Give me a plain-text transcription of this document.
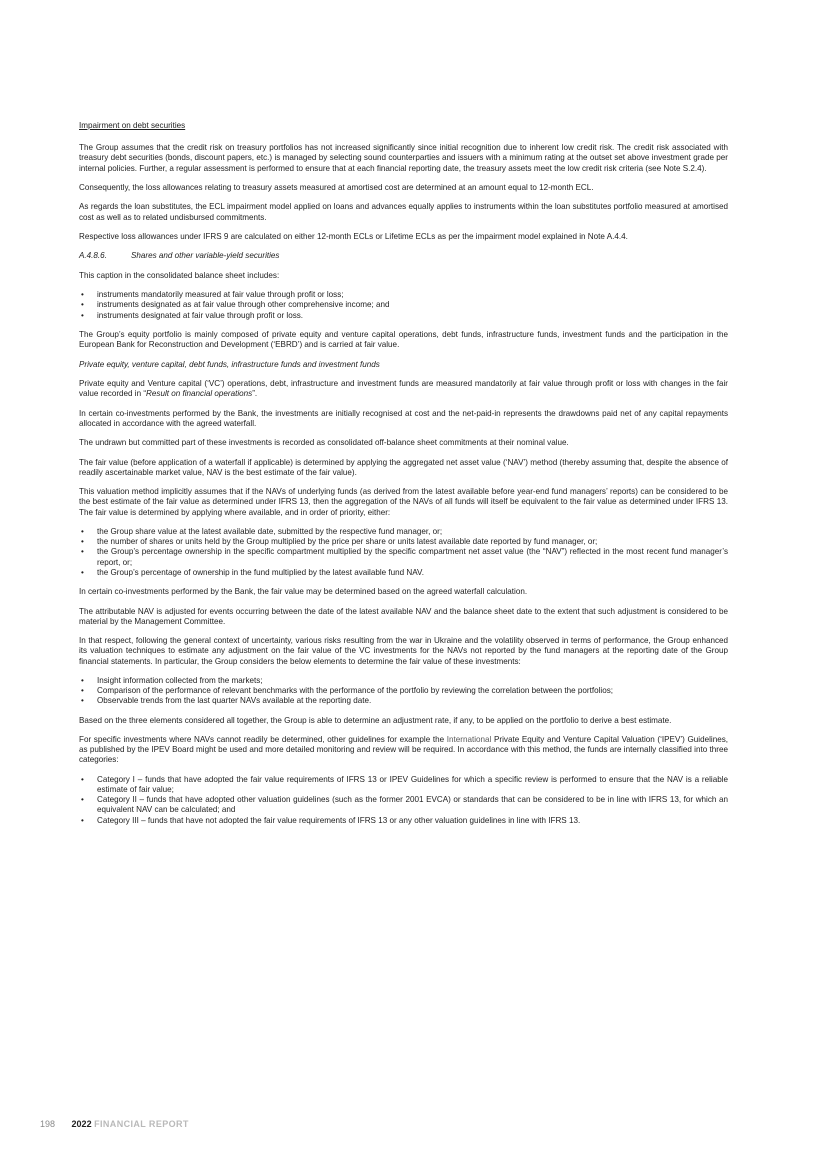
Impairment on debt securities

The Group assumes that the credit risk on treasury portfolios has not increased significantly since initial recognition due to inherent low credit risk. The credit risk associated with treasury debt securities (bonds, discount papers, etc.) is managed by selecting sound counterparties and issuers with a minimum rating at the outset set above investment grade per internal policies. Further, a regular assessment is performed to ensure that at each financial reporting date, the treasury assets meet the low credit risk criteria (see Note S.2.4).

Consequently, the loss allowances relating to treasury assets measured at amortised cost are determined at an amount equal to 12-month ECL.

As regards the loan substitutes, the ECL impairment model applied on loans and advances equally applies to instruments within the loan substitutes portfolio measured at amortised cost as well as to related undisbursed commitments.

Respective loss allowances under IFRS 9 are calculated on either 12-month ECLs or Lifetime ECLs as per the impairment model explained in Note A.4.4.

A.4.8.6.	Shares and other variable-yield securities

This caption in the consolidated balance sheet includes:

• instruments mandatorily measured at fair value through profit or loss;
• instruments designated as at fair value through other comprehensive income; and
• instruments designated at fair value through profit or loss.

The Group’s equity portfolio is mainly composed of private equity and venture capital operations, debt funds, infrastructure funds, investment funds and the participation in the European Bank for Reconstruction and Development (‘EBRD’) and is carried at fair value.

Private equity, venture capital, debt funds, infrastructure funds and investment funds

Private equity and Venture capital (‘VC’) operations, debt, infrastructure and investment funds are measured mandatorily at fair value through profit or loss with changes in the fair value recorded in “Result on financial operations”.

In certain co-investments performed by the Bank, the investments are initially recognised at cost and the net-paid-in represents the drawdowns paid net of any capital repayments allocated in accordance with the agreed waterfall.

The undrawn but committed part of these investments is recorded as consolidated off-balance sheet commitments at their nominal value.

The fair value (before application of a waterfall if applicable) is determined by applying the aggregated net asset value (‘NAV’) method (thereby assuming that, despite the absence of readily ascertainable market value, NAV is the best estimate of the fair value).

This valuation method implicitly assumes that if the NAVs of underlying funds (as derived from the latest available before year-end fund managers’ reports) can be considered to be the best estimate of the fair value as determined under IFRS 13, then the aggregation of the NAVs of all funds will itself be equivalent to the fair value as determined under IFRS 13. The fair value is determined by applying where available, and in order of priority, either:

• the Group share value at the latest available date, submitted by the respective fund manager, or;
• the number of shares or units held by the Group multiplied by the price per share or units latest available date reported by fund manager, or;
• the Group’s percentage ownership in the specific compartment multiplied by the specific compartment net asset value (the “NAV”) reflected in the most recent fund manager’s report, or;
• the Group’s percentage of ownership in the fund multiplied by the latest available fund NAV.

In certain co-investments performed by the Bank, the fair value may be determined based on the agreed waterfall calculation.

The attributable NAV is adjusted for events occurring between the date of the latest available NAV and the balance sheet date to the extent that such adjustment is considered to be material by the Management Committee.

In that respect, following the general context of uncertainty, various risks resulting from the war in Ukraine and the volatility observed in terms of performance, the Group enhanced its valuation techniques to estimate any adjustment on the fair value of the VC investments for the NAVs not reported by the fund managers at the reporting date of the Group financial statements. In particular, the Group considers the below elements to determine the fair value of these investments:

• Insight information collected from the markets;
• Comparison of the performance of relevant benchmarks with the performance of the portfolio by reviewing the correlation between the portfolios;
• Observable trends from the last quarter NAVs available at the reporting date.

Based on the three elements considered all together, the Group is able to determine an adjustment rate, if any, to be applied on the portfolio to derive a best estimate.

For specific investments where NAVs cannot readily be determined, other guidelines for example the International Private Equity and Venture Capital Valuation (‘IPEV’) Guidelines, as published by the IPEV Board might be used and more detailed monitoring and review will be required. In accordance with this method, the funds are internally classified into three categories:

• Category I – funds that have adopted the fair value requirements of IFRS 13 or IPEV Guidelines for which a specific review is performed to ensure that the NAV is a reliable estimate of fair value;
• Category II – funds that have adopted other valuation guidelines (such as the former 2001 EVCA) or standards that can be considered to be in line with IFRS 13, for which an equivalent NAV can be calculated; and
• Category III – funds that have not adopted the fair value requirements of IFRS 13 or any other valuation guidelines in line with IFRS 13.
198 2022 FINANCIAL REPORT
